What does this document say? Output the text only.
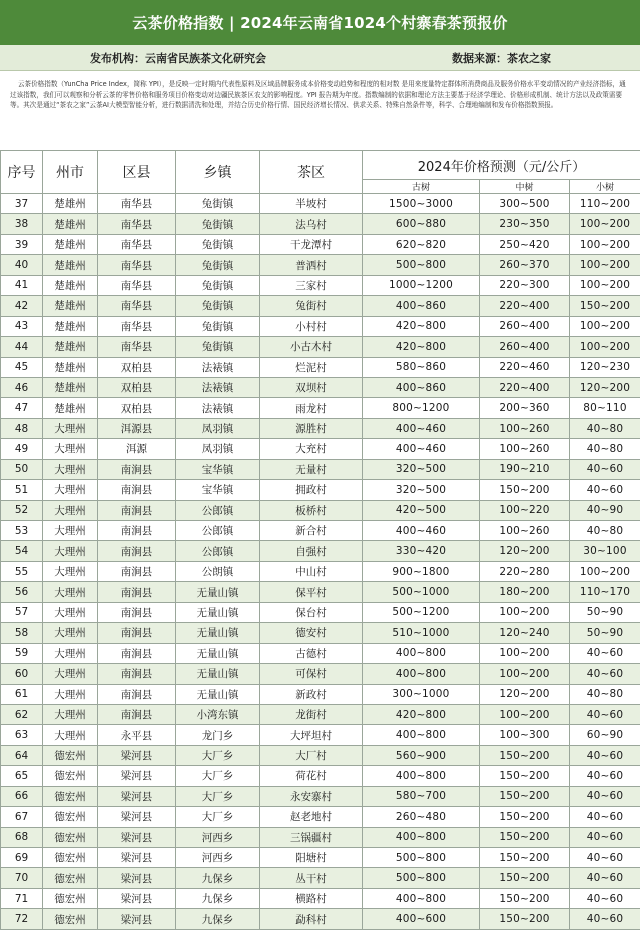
云茶价格指数 | 2024年云南省1024个村寨春茶预报价
发布机构：云南省民族茶文化研究会	数据来源：茶农之家

云茶价格指数（YunCha Price Index，简称 YPI），是反映一定时期内代表性原料及区域品牌服务成本价格变动趋势和程度的相对数 是用来度量特定群体所消费商品及服务价格水平变动情况的产业经济指标，通过该指数，我们可以观察和分析云茶的零售价格和服务项目价格变动对边疆民族茶区农支的影响程度。YPI 报告期为年度。指数编制的依据和理论方法主要基于经济学理论、价格形成机制、统计方法以及政策需要等。其次是通过“茶农之家”云茶AI大模型智能分析，进行数据清洗和处理，并结合历史价格行情、国民经济增长情况、供求关系、特殊自然条件等，科学、合理地编制和发布价格指数预报。

序号	州市	区县	乡镇	茶区	2024年价格预测（元/公斤）		
					古树	中树	小树
37	楚雄州	南华县	兔街镇	半坡村	1500~3000	300~500	110~200
38	楚雄州	南华县	兔街镇	法乌村	600~880	230~350	100~200
39	楚雄州	南华县	兔街镇	干龙潭村	620~820	250~420	100~200
40	楚雄州	南华县	兔街镇	普洒村	500~800	260~370	100~200
41	楚雄州	南华县	兔街镇	三家村	1000~1200	220~300	100~200
42	楚雄州	南华县	兔街镇	兔街村	400~860	220~400	150~200
43	楚雄州	南华县	兔街镇	小村村	420~800	260~400	100~200
44	楚雄州	南华县	兔街镇	小古木村	420~800	260~400	100~200
45	楚雄州	双柏县	法裱镇	烂泥村	580~860	220~460	120~230
46	楚雄州	双柏县	法裱镇	双坝村	400~860	220~400	120~200
47	楚雄州	双柏县	法裱镇	雨龙村	800~1200	200~360	80~110
48	大理州	洱源县	凤羽镇	源胜村	400~460	100~260	40~80
49	大理州	洱源	凤羽镇	大充村	400~460	100~260	40~80
50	大理州	南涧县	宝华镇	无量村	320~500	190~210	40~60
51	大理州	南涧县	宝华镇	拥政村	320~500	150~200	40~60
52	大理州	南涧县	公郎镇	板桥村	420~500	100~220	40~90
53	大理州	南涧县	公郎镇	新合村	400~460	100~260	40~80
54	大理州	南涧县	公郎镇	自强村	330~420	120~200	30~100
55	大理州	南涧县	公朗镇	中山村	900~1800	220~280	100~200
56	大理州	南涧县	无量山镇	保平村	500~1000	180~200	110~170
57	大理州	南涧县	无量山镇	保台村	500~1200	100~200	50~90
58	大理州	南涧县	无量山镇	德安村	510~1000	120~240	50~90
59	大理州	南涧县	无量山镇	古德村	400~800	100~200	40~60
60	大理州	南涧县	无量山镇	可保村	400~800	100~200	40~60
61	大理州	南涧县	无量山镇	新政村	300~1000	120~200	40~80
62	大理州	南涧县	小湾东镇	龙街村	420~800	100~200	40~60
63	大理州	永平县	龙门乡	大坪坦村	400~800	100~300	60~90
64	德宏州	梁河县	大厂乡	大厂村	560~900	150~200	40~60
65	德宏州	梁河县	大厂乡	荷花村	400~800	150~200	40~60
66	德宏州	梁河县	大厂乡	永安寨村	580~700	150~200	40~60
67	德宏州	梁河县	大厂乡	赵老地村	260~480	150~200	40~60
68	德宏州	梁河县	河西乡	三锅疆村	400~800	150~200	40~60
69	德宏州	梁河县	河西乡	阳塘村	500~800	150~200	40~60
70	德宏州	梁河县	九保乡	丛干村	500~800	150~200	40~60
71	德宏州	梁河县	九保乡	横路村	400~800	150~200	40~60
72	德宏州	梁河县	九保乡	勐科村	400~600	150~200	40~60
